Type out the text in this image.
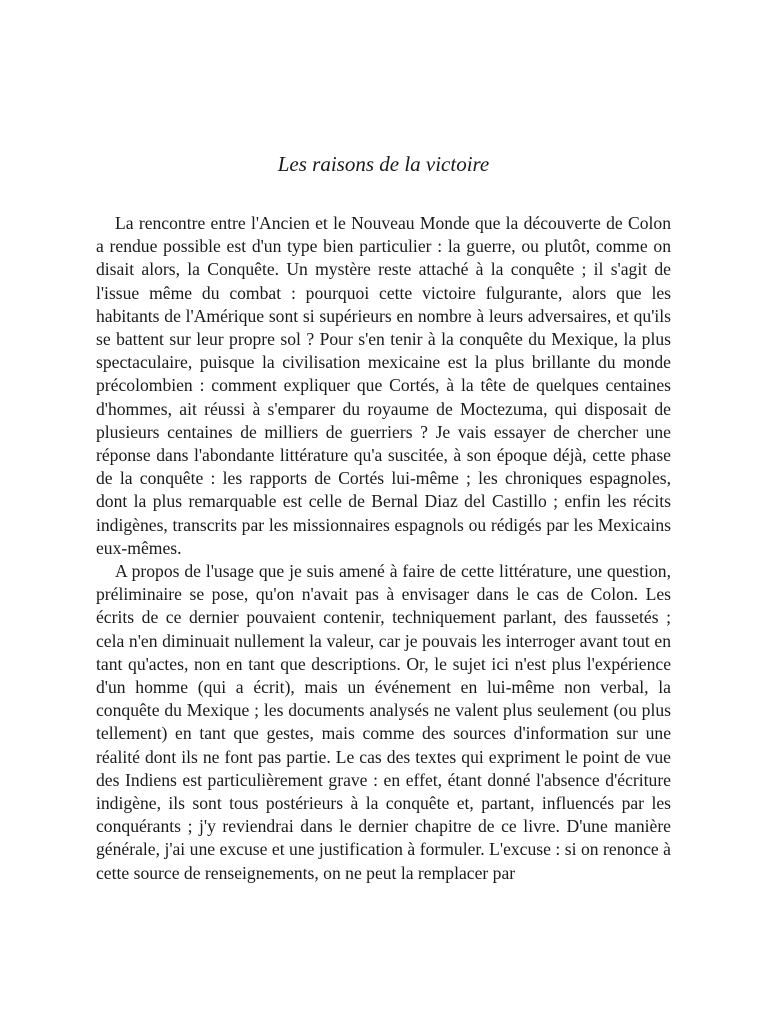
Les raisons de la victoire

La rencontre entre l'Ancien et le Nouveau Monde que la découverte de Colon a rendue possible est d'un type bien particulier : la guerre, ou plutôt, comme on disait alors, la Conquête. Un mystère reste attaché à la conquête ; il s'agit de l'issue même du combat : pourquoi cette victoire fulgurante, alors que les habitants de l'Amérique sont si supérieurs en nombre à leurs adversaires, et qu'ils se battent sur leur propre sol ? Pour s'en tenir à la conquête du Mexique, la plus spectaculaire, puisque la civilisation mexicaine est la plus brillante du monde précolombien : comment expliquer que Cortés, à la tête de quelques centaines d'hommes, ait réussi à s'emparer du royaume de Moctezuma, qui disposait de plusieurs centaines de milliers de guerriers ? Je vais essayer de chercher une réponse dans l'abondante littérature qu'a suscitée, à son époque déjà, cette phase de la conquête : les rapports de Cortés lui-même ; les chroniques espagnoles, dont la plus remarquable est celle de Bernal Diaz del Castillo ; enfin les récits indigènes, transcrits par les missionnaires espagnols ou rédigés par les Mexicains eux-mêmes.

A propos de l'usage que je suis amené à faire de cette littérature, une question, préliminaire se pose, qu'on n'avait pas à envisager dans le cas de Colon. Les écrits de ce dernier pouvaient contenir, techniquement parlant, des faussetés ; cela n'en diminuait nullement la valeur, car je pouvais les interroger avant tout en tant qu'actes, non en tant que descriptions. Or, le sujet ici n'est plus l'expérience d'un homme (qui a écrit), mais un événement en lui-même non verbal, la conquête du Mexique ; les documents analysés ne valent plus seulement (ou plus tellement) en tant que gestes, mais comme des sources d'information sur une réalité dont ils ne font pas partie. Le cas des textes qui expriment le point de vue des Indiens est particulièrement grave : en effet, étant donné l'absence d'écriture indigène, ils sont tous postérieurs à la conquête et, partant, influencés par les conquérants ; j'y reviendrai dans le dernier chapitre de ce livre. D'une manière générale, j'ai une excuse et une justification à formuler. L'excuse : si on renonce à cette source de renseignements, on ne peut la remplacer par
